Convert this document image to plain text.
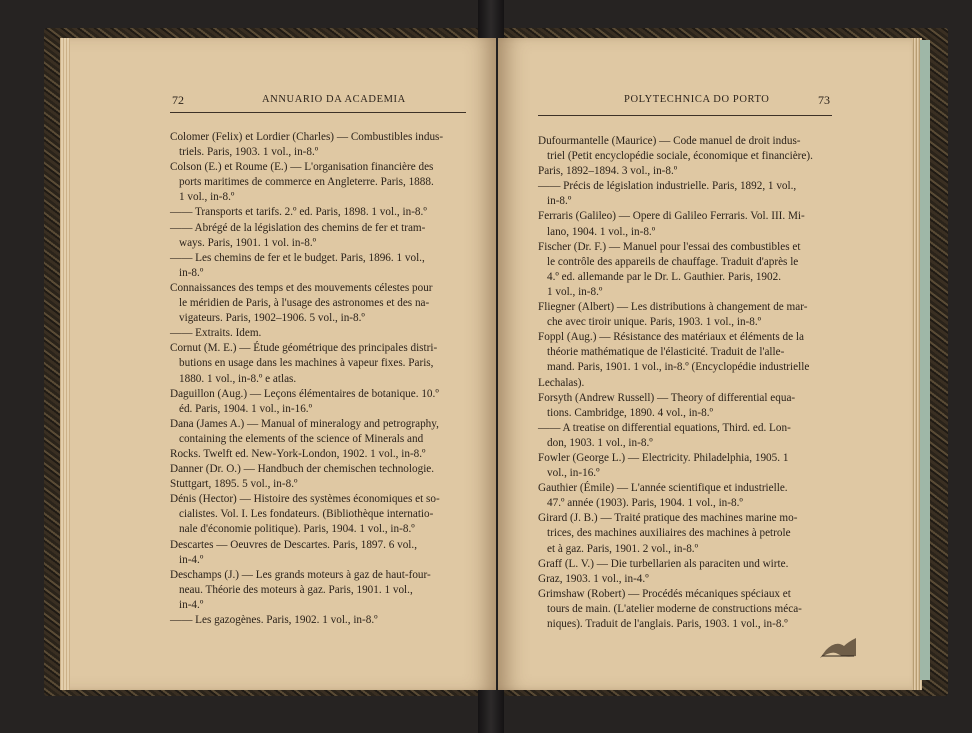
72	ANNUARIO DA ACADEMIA	73
POLYTECHNICA DO PORTO

Colomer (Felix) et Lordier (Charles) — Combustibles indus-

triels. Paris, 1903. 1 vol., in-8.º

Colson (E.) et Roume (E.) — L'organisation financière des

ports maritimes de commerce en Angleterre. Paris, 1888.

1 vol., in-8.º

—— Transports et tarifs. 2.º ed. Paris, 1898. 1 vol., in-8.º

—— Abrégé de la législation des chemins de fer et tram-

ways. Paris, 1901. 1 vol. in-8.º

—— Les chemins de fer et le budget. Paris, 1896. 1 vol.,

in-8.º

Connaissances des temps et des mouvements célestes pour

le méridien de Paris, à l'usage des astronomes et des na-

vigateurs. Paris, 1902–1906. 5 vol., in-8.º

—— Extraits. Idem.

Cornut (M. E.) — Étude géométrique des principales distri-

butions en usage dans les machines à vapeur fixes. Paris,

1880. 1 vol., in-8.º e atlas.

Daguillon (Aug.) — Leçons élémentaires de botanique. 10.º

éd. Paris, 1904. 1 vol., in-16.º

Dana (James A.) — Manual of mineralogy and petrography,

containing the elements of the science of Minerals and

Rocks. Twelft ed. New-York-London, 1902. 1 vol., in-8.º

Danner (Dr. O.) — Handbuch der chemischen technologie.

Stuttgart, 1895. 5 vol., in-8.º

Dénis (Hector) — Histoire des systèmes économiques et so-

cialistes. Vol. I. Les fondateurs. (Bibliothèque internatio-

nale d'économie politique). Paris, 1904. 1 vol., in-8.º

Descartes — Oeuvres de Descartes. Paris, 1897. 6 vol.,

in-4.º

Deschamps (J.) — Les grands moteurs à gaz de haut-four-

neau. Théorie des moteurs à gaz. Paris, 1901. 1 vol.,

in-4.º

—— Les gazogènes. Paris, 1902. 1 vol., in-8.º

Dufourmantelle (Maurice) — Code manuel de droit indus-

triel (Petit encyclopédie sociale, économique et financière).

Paris, 1892–1894. 3 vol., in-8.º

—— Précis de législation industrielle. Paris, 1892, 1 vol.,

in-8.º

Ferraris (Galileo) — Opere di Galileo Ferraris. Vol. III. Mi-

lano, 1904. 1 vol., in-8.º

Fischer (Dr. F.) — Manuel pour l'essai des combustibles et

le contrôle des appareils de chauffage. Traduit d'après le

4.º ed. allemande par le Dr. L. Gauthier. Paris, 1902.

1 vol., in-8.º

Fliegner (Albert) — Les distributions à changement de mar-

che avec tiroir unique. Paris, 1903. 1 vol., in-8.º

Foppl (Aug.) — Résistance des matériaux et éléments de la

théorie mathématique de l'élasticité. Traduit de l'alle-

mand. Paris, 1901. 1 vol., in-8.º (Encyclopédie industrielle

Lechalas).

Forsyth (Andrew Russell) — Theory of differential equa-

tions. Cambridge, 1890. 4 vol., in-8.º

—— A treatise on differential equations, Third. ed. Lon-

don, 1903. 1 vol., in-8.º

Fowler (George L.) — Electricity. Philadelphia, 1905. 1

vol., in-16.º

Gauthier (Émile) — L'année scientifique et industrielle.

47.º année (1903). Paris, 1904. 1 vol., in-8.º

Girard (J. B.) — Traité pratique des machines marine mo-

trices, des machines auxiliaires des machines à petrole

et à gaz. Paris, 1901. 2 vol., in-8.º

Graff (L. V.) — Die turbellarien als paraciten und wirte.

Graz, 1903. 1 vol., in-4.º

Grimshaw (Robert) — Procédés mécaniques spéciaux et

tours de main. (L'atelier moderne de constructions méca-

niques). Traduit de l'anglais. Paris, 1903. 1 vol., in-8.º
